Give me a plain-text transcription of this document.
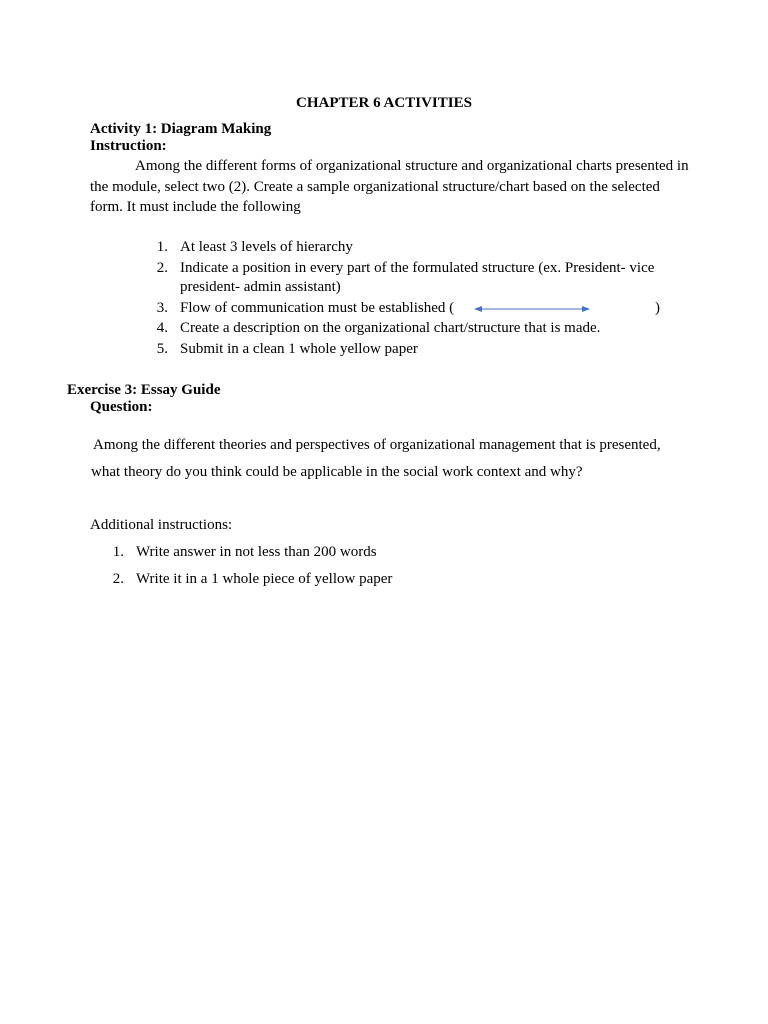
CHAPTER 6 ACTIVITIES
Activity 1: Diagram Making
Instruction:
Among the different forms of organizational structure and organizational charts presented in the module, select two (2). Create a sample organizational structure/chart based on the selected form. It must include the following
1. At least 3 levels of hierarchy
2. Indicate a position in every part of the formulated structure (ex. President- vice
president- admin assistant)
3. Flow of communication must be established (	)
4. Create a description on the organizational chart/structure that is made.
5. Submit in a clean 1 whole yellow paper
Exercise 3: Essay Guide
Question:
Among the different theories and perspectives of organizational management that is presented,
what theory do you think could be applicable in the social work context and why?
Additional instructions:
1. Write answer in not less than 200 words
2. Write it in a 1 whole piece of yellow paper
